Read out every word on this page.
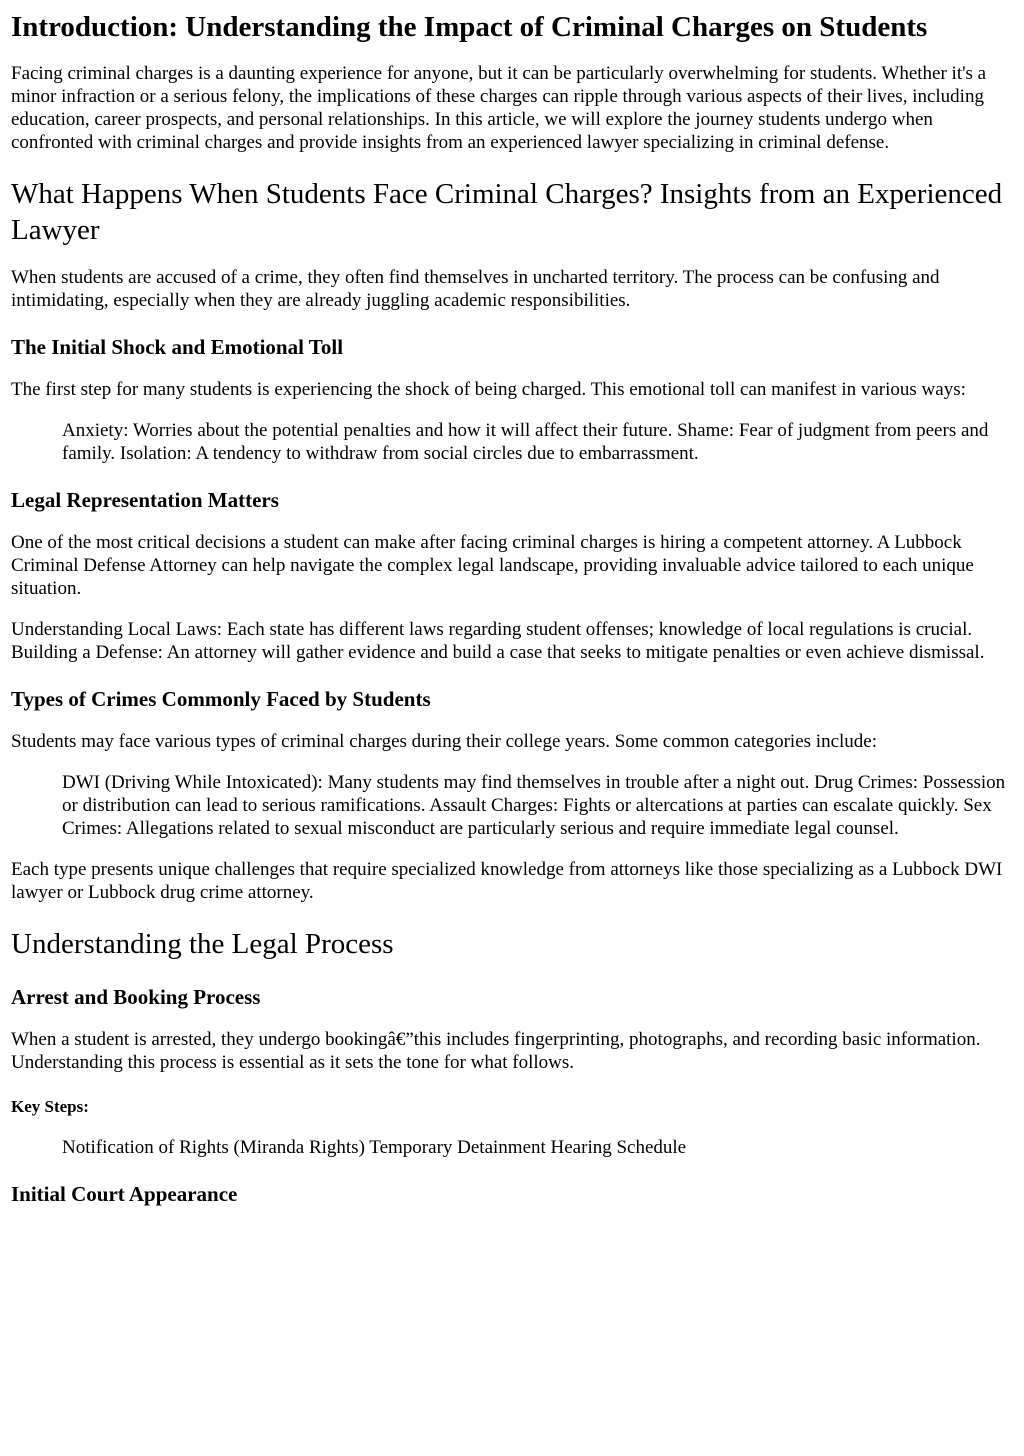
Introduction: Understanding the Impact of Criminal Charges on Students

Facing criminal charges is a daunting experience for anyone, but it can be particularly overwhelming for students. Whether it's a minor infraction or a serious felony, the implications of these charges can ripple through various aspects of their lives, including education, career prospects, and personal relationships. In this article, we will explore the journey students undergo when confronted with criminal charges and provide insights from an experienced lawyer specializing in criminal defense.

What Happens When Students Face Criminal Charges? Insights from an Experienced Lawyer

When students are accused of a crime, they often find themselves in uncharted territory. The process can be confusing and intimidating, especially when they are already juggling academic responsibilities.

The Initial Shock and Emotional Toll

The first step for many students is experiencing the shock of being charged. This emotional toll can manifest in various ways:

Anxiety: Worries about the potential penalties and how it will affect their future. Shame: Fear of judgment from peers and family. Isolation: A tendency to withdraw from social circles due to embarrassment.
Legal Representation Matters

One of the most critical decisions a student can make after facing criminal charges is hiring a competent attorney. A Lubbock Criminal Defense Attorney can help navigate the complex legal landscape, providing invaluable advice tailored to each unique situation.

Understanding Local Laws: Each state has different laws regarding student offenses; knowledge of local regulations is crucial. Building a Defense: An attorney will gather evidence and build a case that seeks to mitigate penalties or even achieve dismissal.

Types of Crimes Commonly Faced by Students

Students may face various types of criminal charges during their college years. Some common categories include:

DWI (Driving While Intoxicated): Many students may find themselves in trouble after a night out. Drug Crimes: Possession or distribution can lead to serious ramifications. Assault Charges: Fights or altercations at parties can escalate quickly. Sex Crimes: Allegations related to sexual misconduct are particularly serious and require immediate legal counsel.

Each type presents unique challenges that require specialized knowledge from attorneys like those specializing as a Lubbock DWI lawyer or Lubbock drug crime attorney.

Understanding the Legal Process
Arrest and Booking Process

When a student is arrested, they undergo bookingâ€”this includes fingerprinting, photographs, and recording basic information. Understanding this process is essential as it sets the tone for what follows.

Key Steps:
Notification of Rights (Miranda Rights) Temporary Detainment Hearing Schedule
Initial Court Appearance
